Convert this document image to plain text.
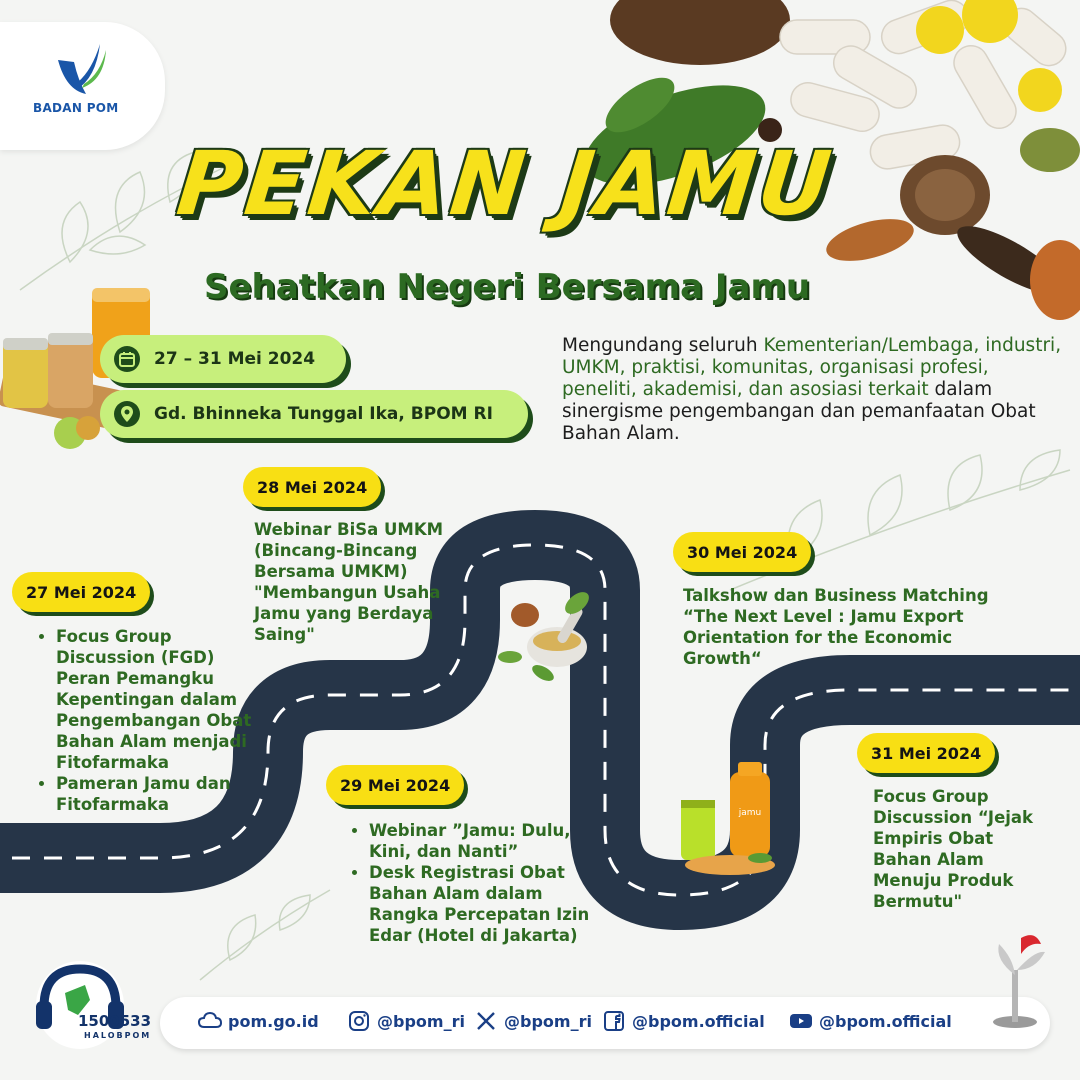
BADAN POM
PEKAN JAMU
Sehatkan Negeri Bersama Jamu
27 – 31 Mei 2024
Gd. Bhinneka Tunggal Ika, BPOM RI
Mengundang seluruh Kementerian/Lembaga, industri, UMKM, praktisi, komunitas, organisasi profesi, peneliti, akademisi, dan asosiasi terkait dalam sinergisme pengembangan dan pemanfaatan Obat Bahan Alam.
jamu
28 Mei 2024
Webinar BiSa UMKM (Bincang-Bincang Bersama UMKM) "Membangun Usaha Jamu yang Berdaya Saing"
27 Mei 2024
• Focus Group Discussion (FGD) Peran Pemangku Kepentingan dalam Pengembangan Obat Bahan Alam menjadi Fitofarmaka
• Pameran Jamu dan Fitofarmaka
29 Mei 2024
• Webinar ”Jamu: Dulu, Kini, dan Nanti”
• Desk Registrasi Obat Bahan Alam dalam Rangka Percepatan Izin Edar (Hotel di Jakarta)
30 Mei 2024
Talkshow dan Business Matching “The Next Level : Jamu Export Orientation for the Economic Growth“
31 Mei 2024
Focus Group Discussion “Jejak Empiris Obat Bahan Alam Menuju Produk Bermutu"
1500533
HALOBPOM
pom.go.id	@bpom_ri @bpom_ri	@bpom.official	@bpom.official
